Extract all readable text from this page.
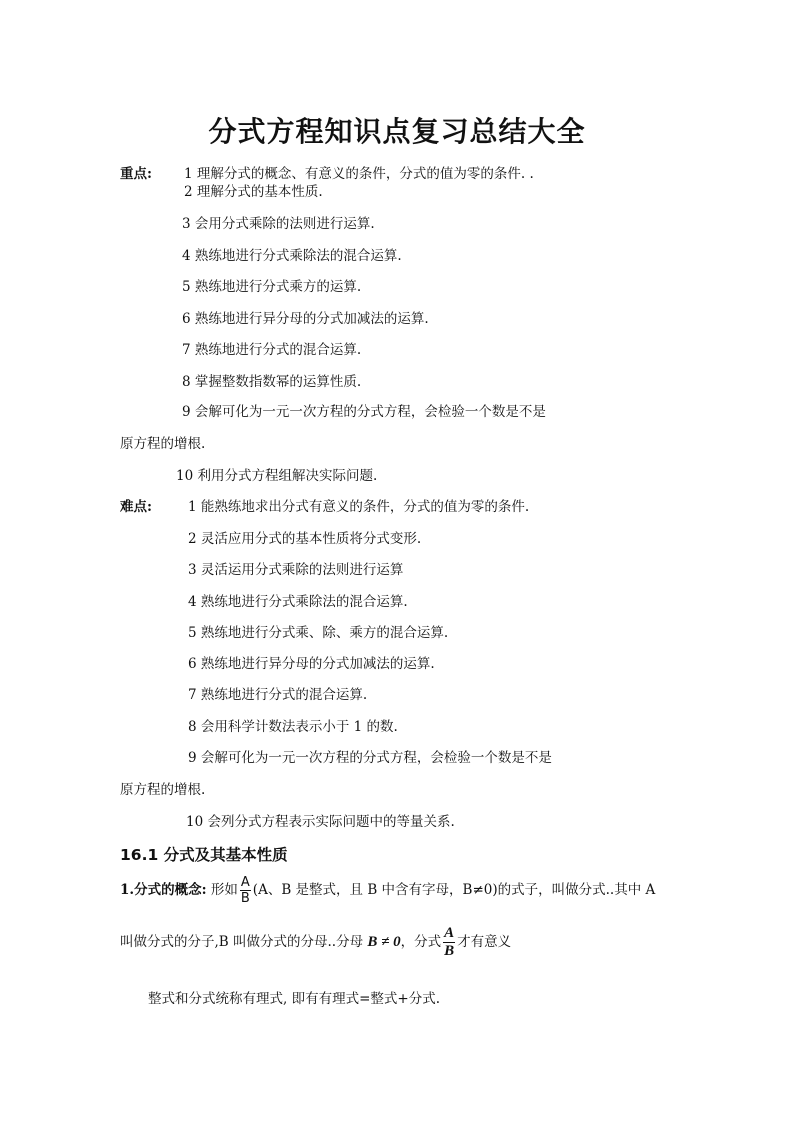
分式方程知识点复习总结大全
重点: 1 理解分式的概念、有意义的条件，分式的值为零的条件. .
2 理解分式的基本性质.
3 会用分式乘除的法则进行运算.
4 熟练地进行分式乘除法的混合运算.
5 熟练地进行分式乘方的运算.
6 熟练地进行异分母的分式加减法的运算.
7 熟练地进行分式的混合运算.
8 掌握整数指数幂的运算性质.
9 会解可化为一元一次方程的分式方程，会检验一个数是不是
原方程的增根.
10 利用分式方程组解决实际问题.
难点:	1 能熟练地求出分式有意义的条件，分式的值为零的条件.
2 灵活应用分式的基本性质将分式变形.
3 灵活运用分式乘除的法则进行运算
4 熟练地进行分式乘除法的混合运算.
5 熟练地进行分式乘、除、乘方的混合运算.
6 熟练地进行异分母的分式加减法的运算.
7 熟练地进行分式的混合运算.
8 会用科学计数法表示小于 1 的数.
9 会解可化为一元一次方程的分式方程，会检验一个数是不是
原方程的增根.
10 会列分式方程表示实际问题中的等量关系.
16.1 分式及其基本性质
1.分式的概念: 形如 $\frac{A}{B} (A$、B 是整式，且 B 中含有字母，B≠0)的式子，叫做分式..其中 A
叫做分式的分子,B 叫做分式的分母..分母 B ≠ 0，分式 $\frac{A}{B}$ 才有意义
整式和分式统称有理式, 即有有理式=整式+分式.
